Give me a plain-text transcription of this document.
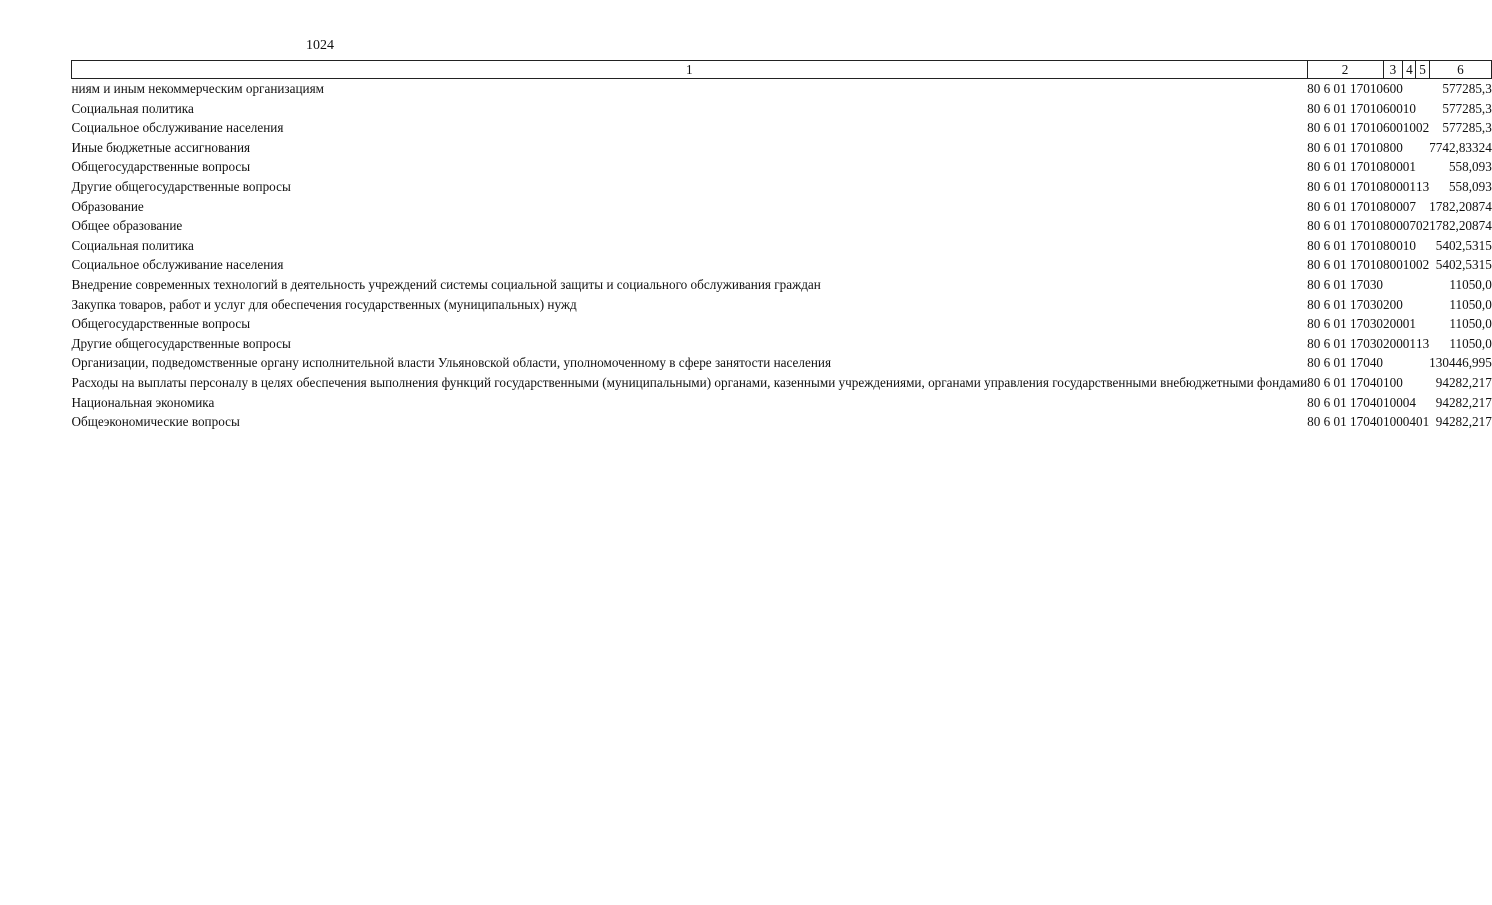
1024
1	2	3	4	5	6
ниям и иным некоммерческим организациям	80 6 01 17010	600			577285,3
Социальная политика	80 6 01 17010	600	10		577285,3
Социальное обслуживание населения	80 6 01 17010	600	10	02	577285,3
Иные бюджетные ассигнования	80 6 01 17010	800			7742,83324
Общегосударственные вопросы	80 6 01 17010	800	01		558,093
Другие общегосударственные вопросы	80 6 01 17010	800	01	13	558,093
Образование	80 6 01 17010	800	07		1782,20874
Общее образование	80 6 01 17010	800	07	02	1782,20874
Социальная политика	80 6 01 17010	800	10		5402,5315
Социальное обслуживание населения	80 6 01 17010	800	10	02	5402,5315
Внедрение современных технологий в деятельность учреждений системы социальной защиты и социального обслуживания граждан	80 6 01 17030				11050,0
Закупка товаров, работ и услуг для обеспечения государственных (муниципальных) нужд	80 6 01 17030	200			11050,0
Общегосударственные вопросы	80 6 01 17030	200	01		11050,0
Другие общегосударственные вопросы	80 6 01 17030	200	01	13	11050,0
Организации, подведомственные органу исполнительной власти Ульяновской области, уполномоченному в сфере занятости населения	80 6 01 17040				130446,995
Расходы на выплаты персоналу в целях обеспечения выполнения функций государственными (муниципальными) органами, казенными учреждениями, органами управления государственными внебюджетными фондами	80 6 01 17040	100			94282,217
Национальная экономика	80 6 01 17040	100	04		94282,217
Общеэкономические вопросы	80 6 01 17040	100	04	01	94282,217
